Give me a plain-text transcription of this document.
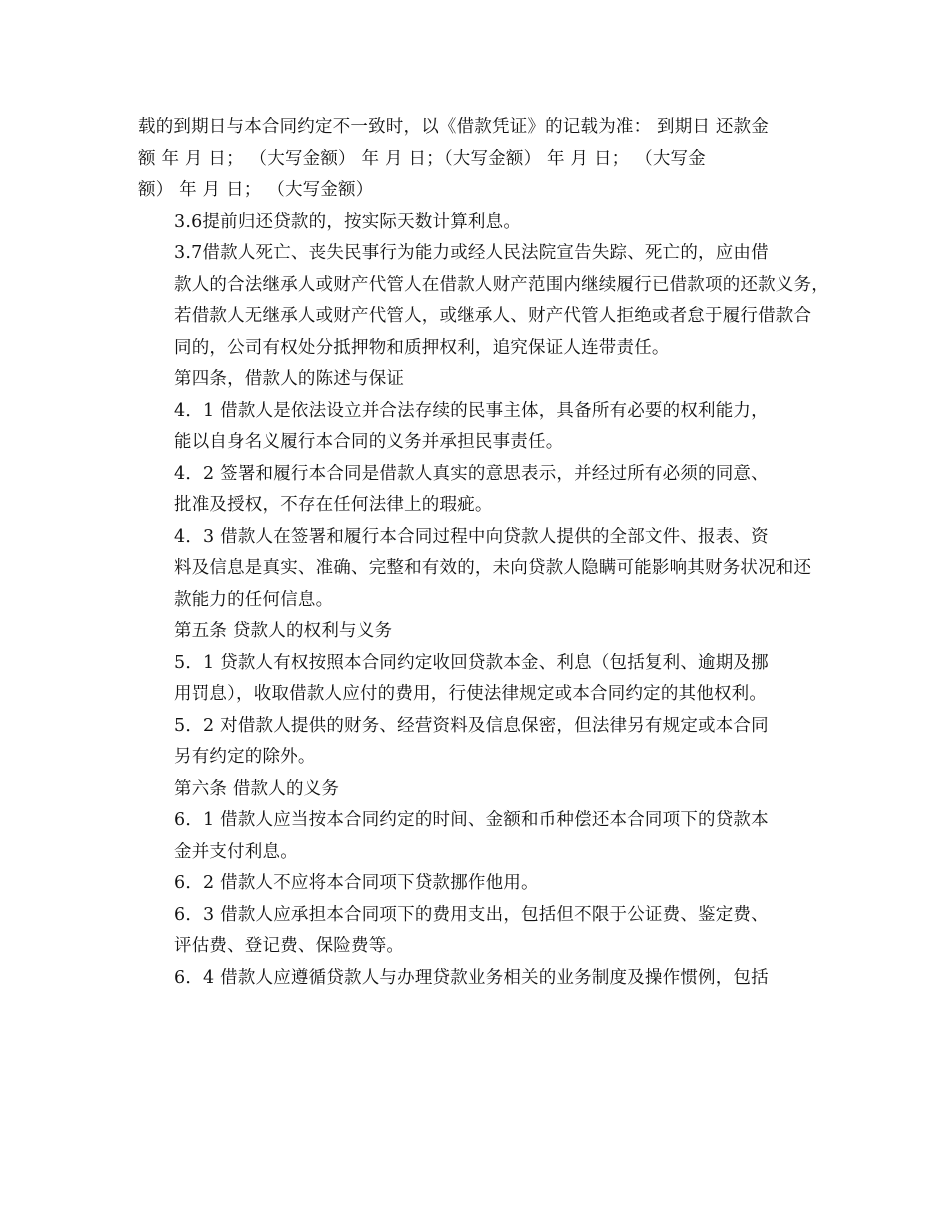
载的到期日与本合同约定不一致时，以《借款凭证》的记载为准： 到期日 还款金
额 年 月 日； （大写金额） 年 月 日；（大写金额） 年 月 日； （大写金
额） 年 月 日； （大写金额）

3.6提前归还贷款的，按实际天数计算利息。

3.7借款人死亡、丧失民事行为能力或经人民法院宣告失踪、死亡的，应由借
款人的合法继承人或财产代管人在借款人财产范围内继续履行已借款项的还款义务，
若借款人无继承人或财产代管人，或继承人、财产代管人拒绝或者怠于履行借款合
同的，公司有权处分抵押物和质押权利，追究保证人连带责任。

第四条，借款人的陈述与保证

4．1 借款人是依法设立并合法存续的民事主体，具备所有必要的权利能力，
能以自身名义履行本合同的义务并承担民事责任。

4．2 签署和履行本合同是借款人真实的意思表示，并经过所有必须的同意、
批准及授权，不存在任何法律上的瑕疵。

4．3 借款人在签署和履行本合同过程中向贷款人提供的全部文件、报表、资
料及信息是真实、准确、完整和有效的，未向贷款人隐瞒可能影响其财务状况和还
款能力的任何信息。

第五条 贷款人的权利与义务

5．1 贷款人有权按照本合同约定收回贷款本金、利息（包括复利、逾期及挪
用罚息），收取借款人应付的费用，行使法律规定或本合同约定的其他权利。

5．2 对借款人提供的财务、经营资料及信息保密，但法律另有规定或本合同
另有约定的除外。

第六条 借款人的义务

6．1 借款人应当按本合同约定的时间、金额和币种偿还本合同项下的贷款本
金并支付利息。

6．2 借款人不应将本合同项下贷款挪作他用。

6．3 借款人应承担本合同项下的费用支出，包括但不限于公证费、鉴定费、
评估费、登记费、保险费等。

6．4 借款人应遵循贷款人与办理贷款业务相关的业务制度及操作惯例，包括
